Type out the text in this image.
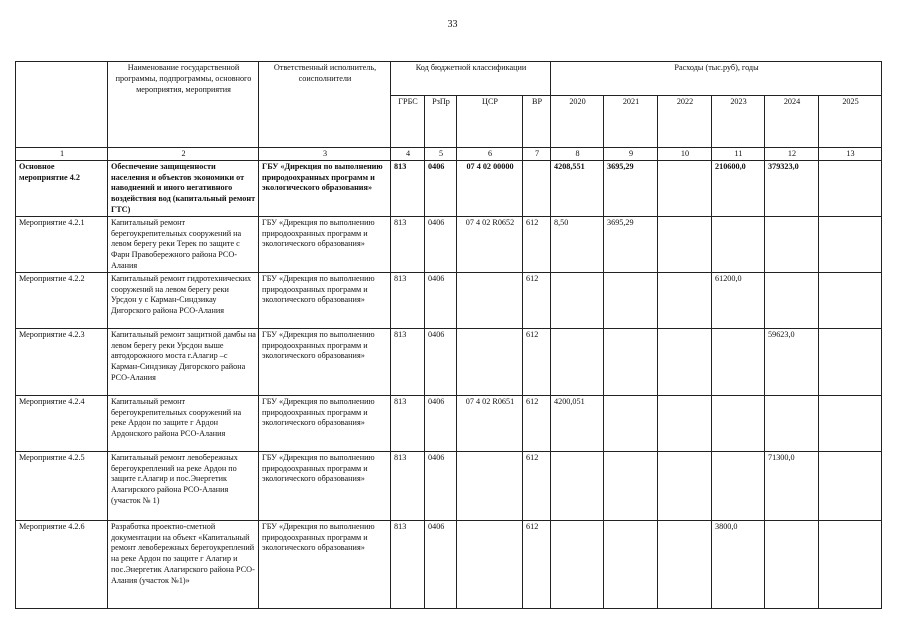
33
	Наименование государственной программы, подпрограммы, основного мероприятия, мероприятия	Ответственный исполнитель, соисполнители	Код бюджетной классификации				Расходы (тыс.руб), годы					
			ГРБС	РзПр	ЦСР	ВР	2020	2021	2022	2023	2024	2025
1	2	3	4	5	6	7	8	9	10	11	12	13
Основное мероприятие 4.2	Обеспечение защищенности населения и объектов экономики от наводнений и иного негативного воздействия вод (капитальный ремонт ГТС)	ГБУ «Дирекция по выполнению природоохранных программ и экологического образования»	813	0406	07 4 02 00000		4208,551	3695,29		210600,0	379323,0	
Мероприятие 4.2.1	Капитальный ремонт берегоукрепительных сооружений на левом берегу реки Терек по защите с Фарн Правобережного района РСО-Алания	ГБУ «Дирекция по выполнению природоохранных программ и экологического образования»	813	0406	07 4 02 R0652	612	8,50	3695,29				
Мероприятие 4.2.2	Капитальный ремонт гидротехнических сооружений на левом берегу реки Урсдон у с Карман-Синдзикау Дигорского района РСО-Алания	ГБУ «Дирекция по выполнению природоохранных программ и экологического образования»	813	0406		612				61200,0		
Мероприятие 4.2.3	Капитальный ремонт защитной дамбы на левом берегу реки Урсдон выше автодорожного моста г.Алагир –с Карман-Синдзикау Дигорского района РСО-Алания	ГБУ «Дирекция по выполнению природоохранных программ и экологического образования»	813	0406		612					59623,0	
Мероприятие 4.2.4	Капитальный ремонт берегоукрепительных сооружений на реке Ардон по защите г Ардон Ардонского района РСО-Алания	ГБУ «Дирекция по выполнению природоохранных программ и экологического образования»	813	0406	07 4 02 R0651	612	4200,051					
Мероприятие 4.2.5	Капитальный ремонт левобережных берегоукреплений на реке Ардон по защите г.Алагир и пос.Энергетик Алагирского района РСО-Алания (участок № 1)	ГБУ «Дирекция по выполнению природоохранных программ и экологического образования»	813	0406		612					71300,0	
Мероприятие 4.2.6	Разработка проектно-сметной документации на объект «Капитальный ремонт левобережных берегоукреплений на реке Ардон по защите г Алагир и пос.Энергетик Алагирского района РСО-Алания (участок №1)»	ГБУ «Дирекция по выполнению природоохранных программ и экологического образования»	813	0406		612				3800,0		
